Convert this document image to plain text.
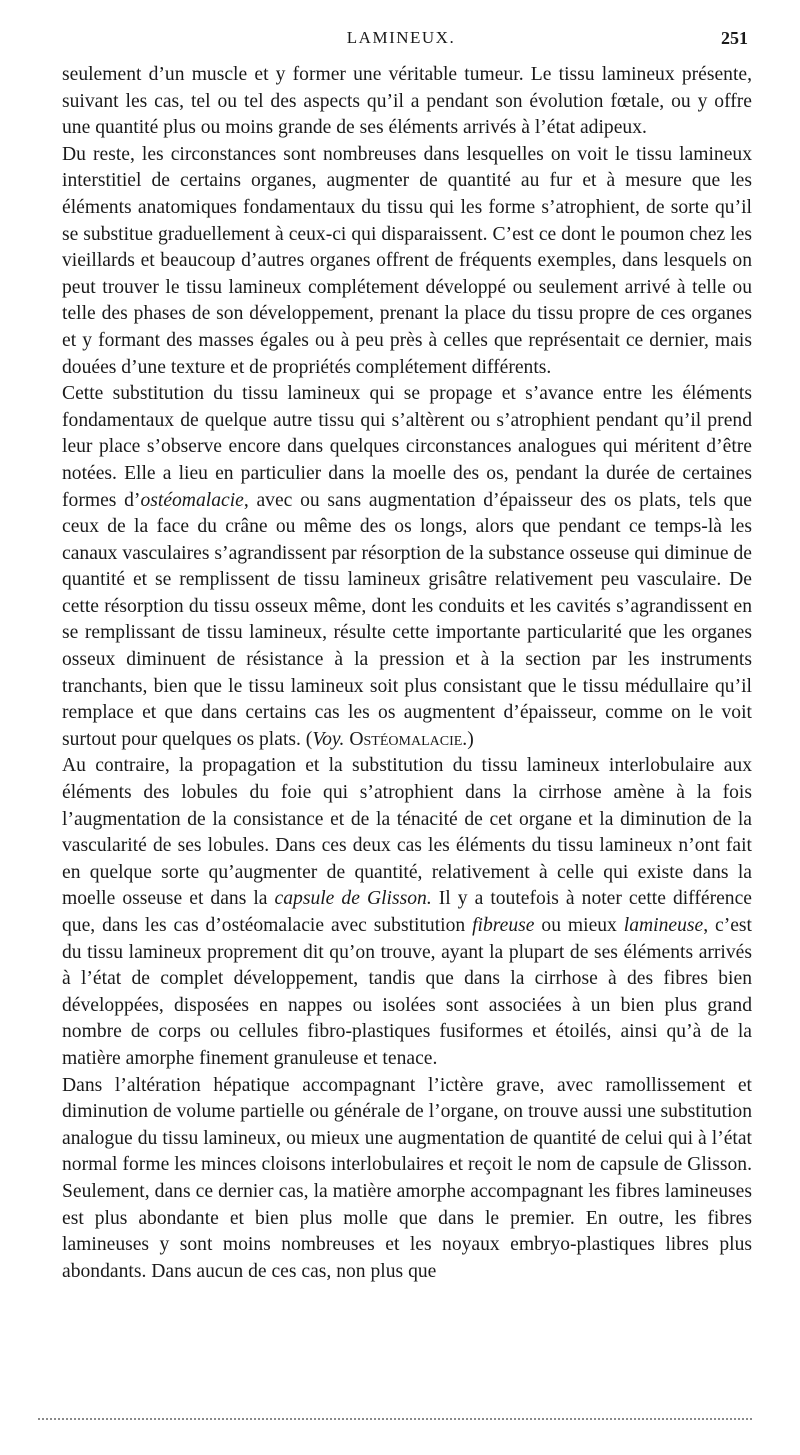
LAMINEUX.	251

seulement d’un muscle et y former une véritable tumeur. Le tissu lamineux présente, suivant les cas, tel ou tel des aspects qu’il a pendant son évolution fœtale, ou y offre une quantité plus ou moins grande de ses éléments arrivés à l’état adipeux.

Du reste, les circonstances sont nombreuses dans lesquelles on voit le tissu lamineux interstitiel de certains organes, augmenter de quantité au fur et à mesure que les éléments anatomiques fondamentaux du tissu qui les forme s’atrophient, de sorte qu’il se substitue graduellement à ceux-ci qui disparaissent. C’est ce dont le poumon chez les vieillards et beaucoup d’autres organes offrent de fréquents exemples, dans lesquels on peut trouver le tissu lamineux complétement développé ou seulement arrivé à telle ou telle des phases de son développement, prenant la place du tissu propre de ces organes et y formant des masses égales ou à peu près à celles que représentait ce dernier, mais douées d’une texture et de propriétés complétement différents.

Cette substitution du tissu lamineux qui se propage et s’avance entre les éléments fondamentaux de quelque autre tissu qui s’altèrent ou s’atrophient pendant qu’il prend leur place s’observe encore dans quelques circonstances analogues qui méritent d’être notées. Elle a lieu en particulier dans la moelle des os, pendant la durée de certaines formes d’ostéomalacie, avec ou sans augmentation d’épaisseur des os plats, tels que ceux de la face du crâne ou même des os longs, alors que pendant ce temps-là les canaux vasculaires s’agrandissent par résorption de la substance osseuse qui diminue de quantité et se remplissent de tissu lamineux grisâtre relativement peu vasculaire. De cette résorption du tissu osseux même, dont les conduits et les cavités s’agrandissent en se remplissant de tissu lamineux, résulte cette importante particularité que les organes osseux diminuent de résistance à la pression et à la section par les instruments tranchants, bien que le tissu lamineux soit plus consistant que le tissu médullaire qu’il remplace et que dans certains cas les os augmentent d’épaisseur, comme on le voit surtout pour quelques os plats. (Voy. Ostéomalacie.)

Au contraire, la propagation et la substitution du tissu lamineux interlobulaire aux éléments des lobules du foie qui s’atrophient dans la cirrhose amène à la fois l’augmentation de la consistance et de la ténacité de cet organe et la diminution de la vascularité de ses lobules. Dans ces deux cas les éléments du tissu lamineux n’ont fait en quelque sorte qu’augmenter de quantité, relativement à celle qui existe dans la moelle osseuse et dans la capsule de Glisson. Il y a toutefois à noter cette différence que, dans les cas d’ostéomalacie avec substitution fibreuse ou mieux lamineuse, c’est du tissu lamineux proprement dit qu’on trouve, ayant la plupart de ses éléments arrivés à l’état de complet développement, tandis que dans la cirrhose à des fibres bien développées, disposées en nappes ou isolées sont associées à un bien plus grand nombre de corps ou cellules fibro-plastiques fusiformes et étoilés, ainsi qu’à de la matière amorphe finement granuleuse et tenace.

Dans l’altération hépatique accompagnant l’ictère grave, avec ramollissement et diminution de volume partielle ou générale de l’organe, on trouve aussi une substitution analogue du tissu lamineux, ou mieux une augmentation de quantité de celui qui à l’état normal forme les minces cloisons interlobulaires et reçoit le nom de capsule de Glisson. Seulement, dans ce dernier cas, la matière amorphe accompagnant les fibres lamineuses est plus abondante et bien plus molle que dans le premier. En outre, les fibres lamineuses y sont moins nombreuses et les noyaux embryo-plastiques libres plus abondants. Dans aucun de ces cas, non plus que
